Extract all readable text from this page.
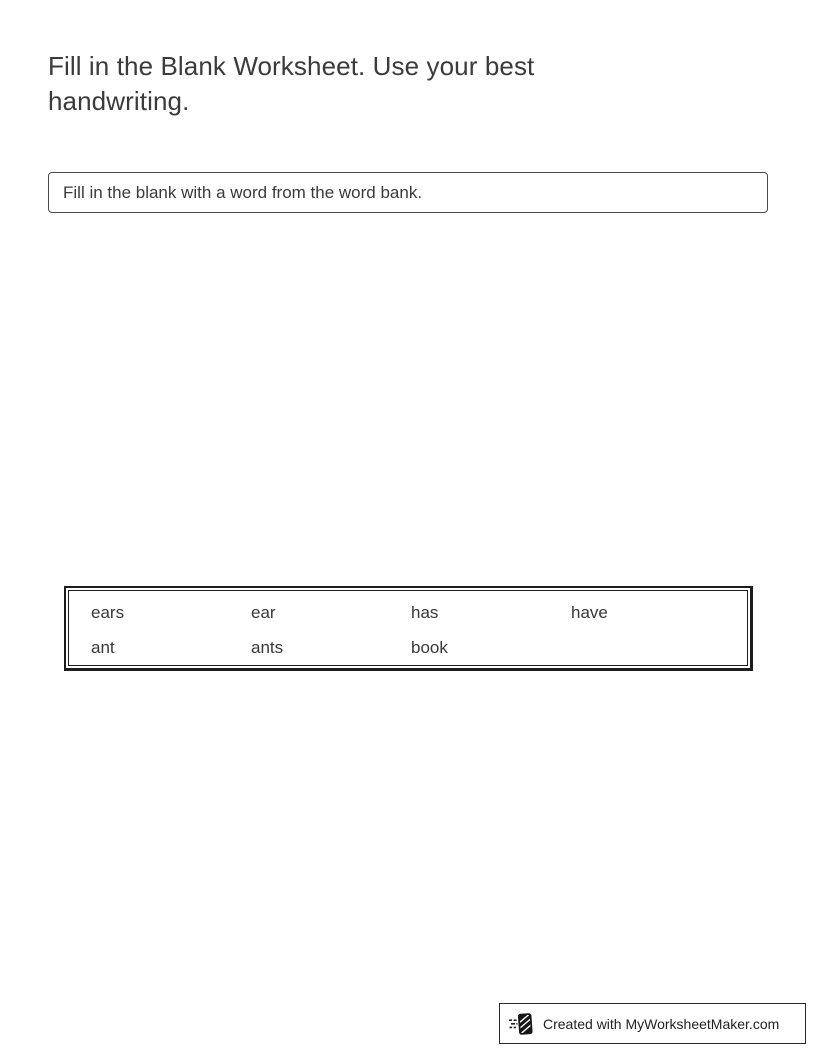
Fill in the Blank Worksheet. Use your best handwriting.
Fill in the blank with a word from the word bank.
ears	ear	has	have
ant	ants	book
Created with MyWorksheetMaker.com
